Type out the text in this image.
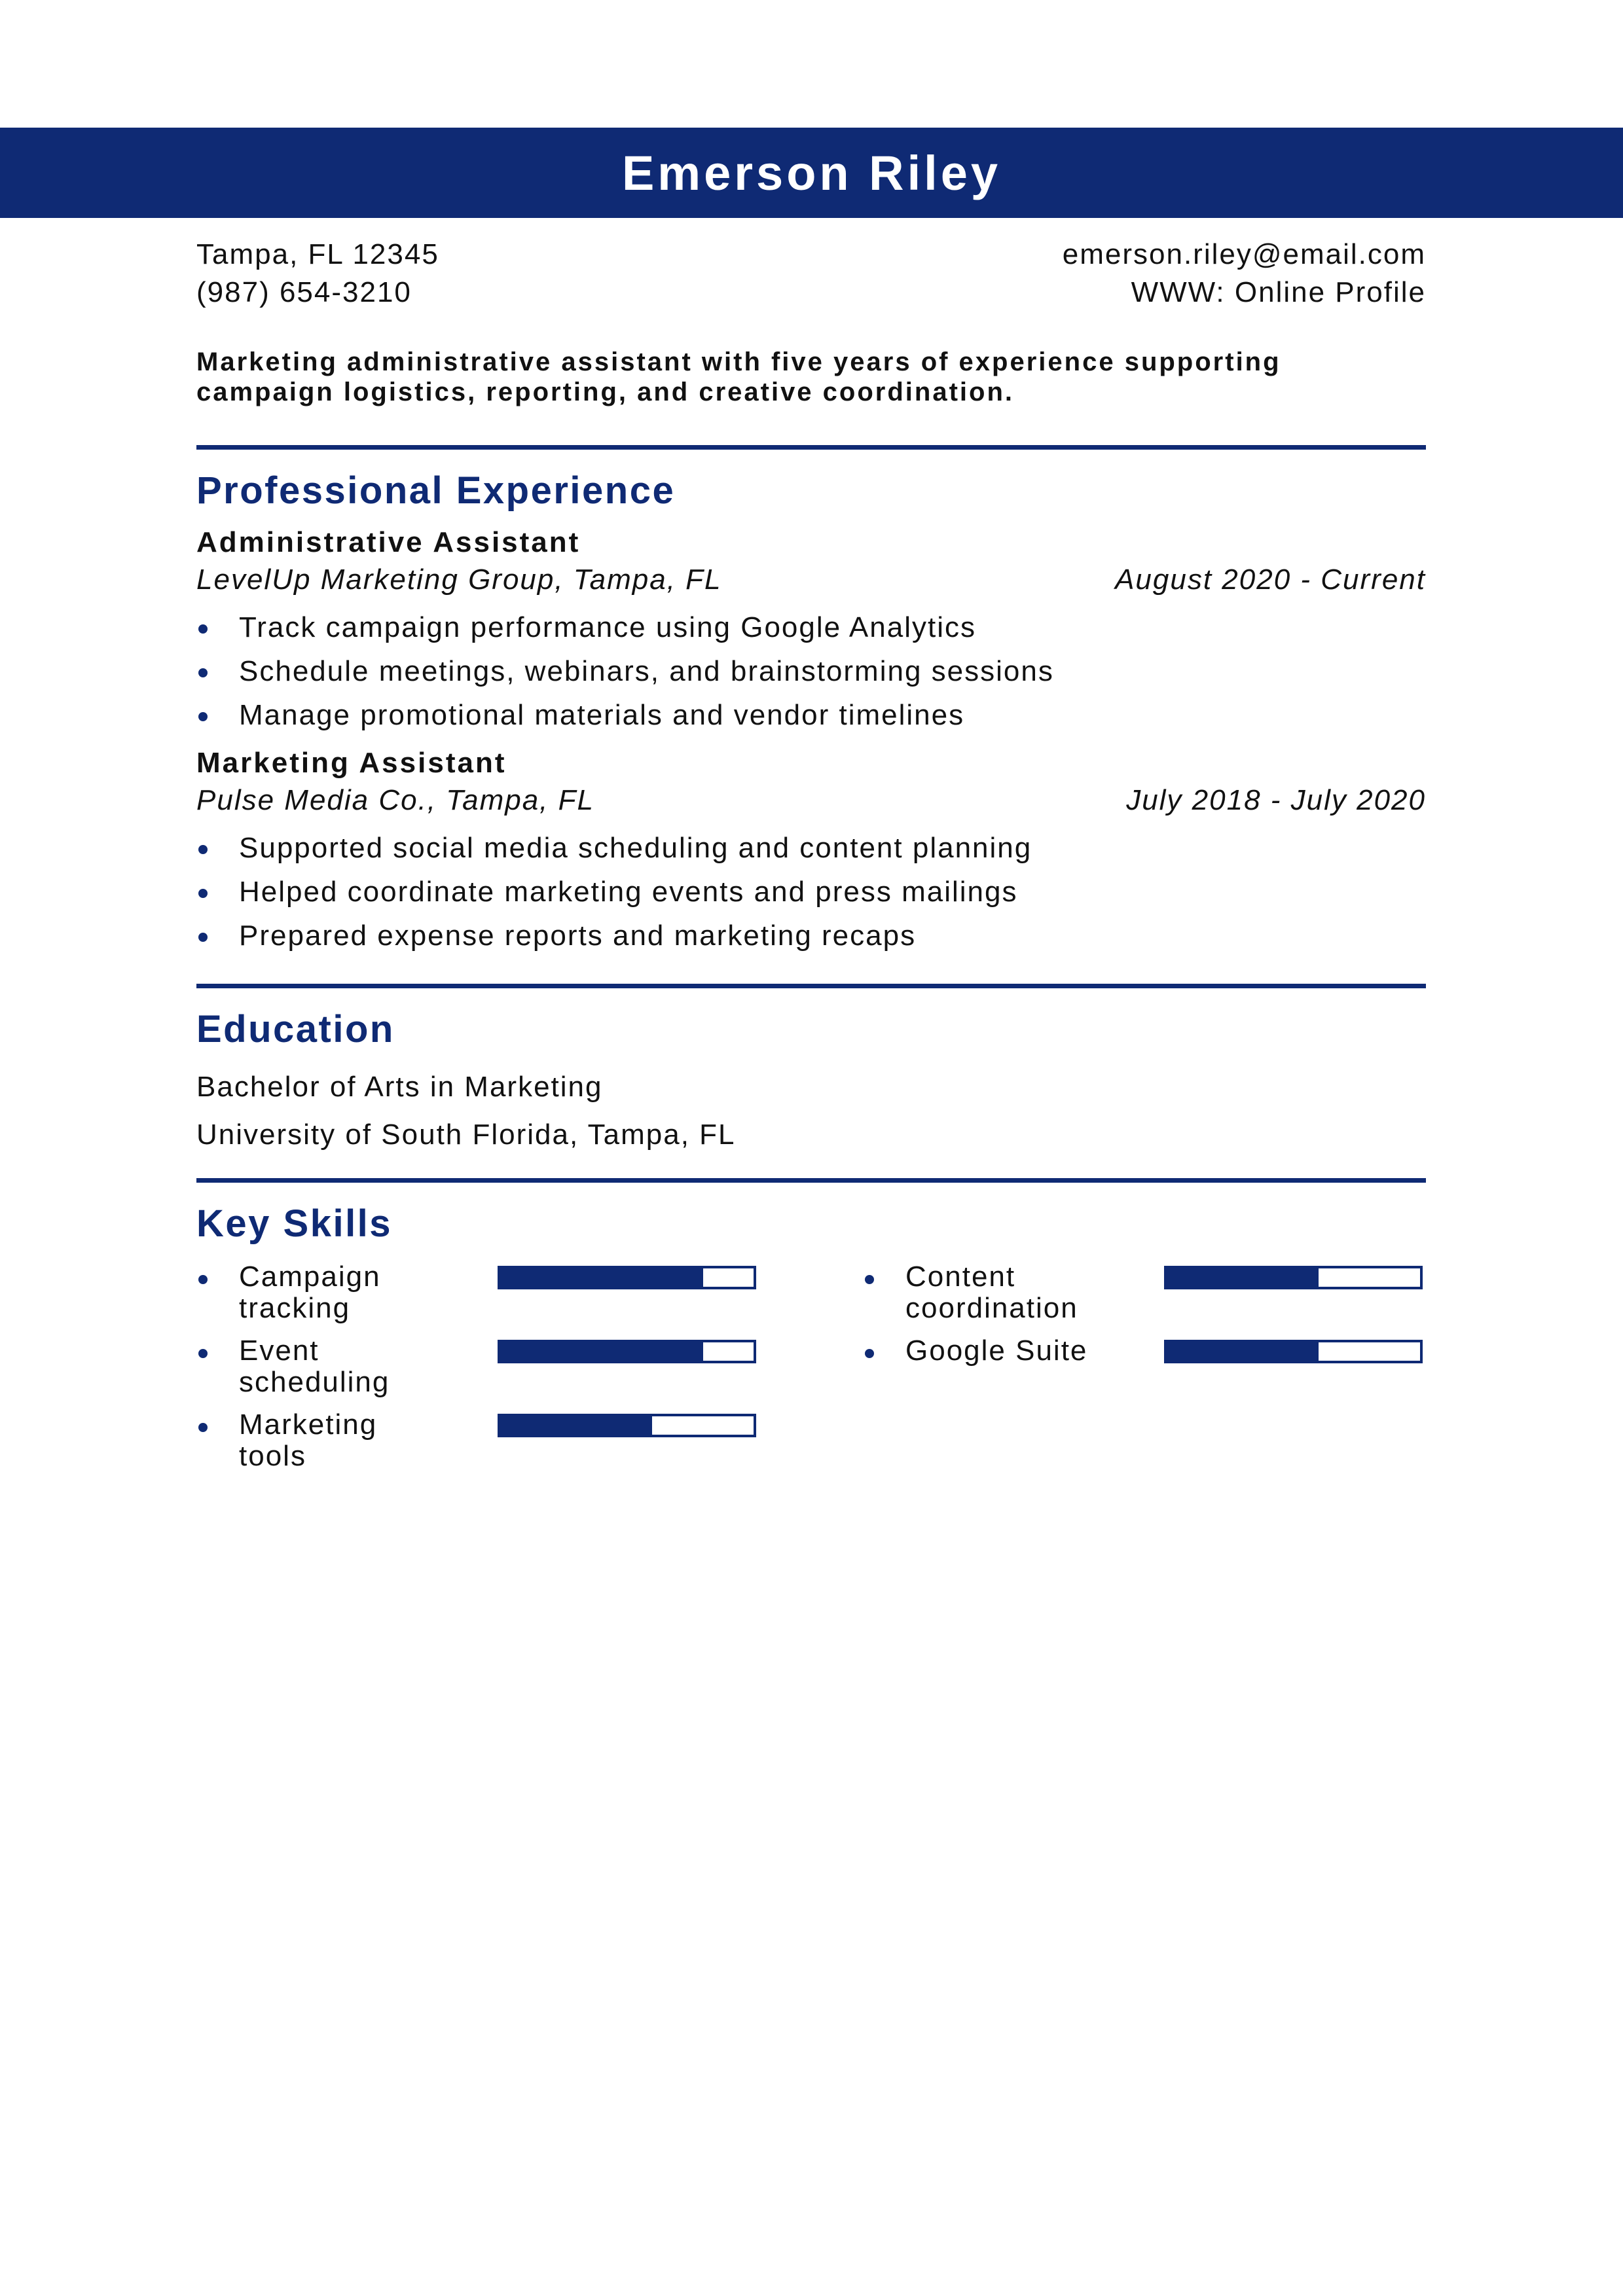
Emerson Riley
Tampa, FL 12345	emerson.riley@email.com
(987) 654-3210	WWW: Online Profile
Marketing administrative assistant with five years of experience supporting campaign logistics, reporting, and creative coordination.
Professional Experience
Administrative Assistant
LevelUp Marketing Group, Tampa, FL	August 2020 - Current
Track campaign performance using Google Analytics
Schedule meetings, webinars, and brainstorming sessions
Manage promotional materials and vendor timelines
Marketing Assistant
Pulse Media Co., Tampa, FL	July 2018 - July 2020
Supported social media scheduling and content planning
Helped coordinate marketing events and press mailings
Prepared expense reports and marketing recaps
Education
Bachelor of Arts in Marketing
University of South Florida, Tampa, FL
Key Skills
Campaign tracking
Content coordination
Event scheduling
Google Suite
Marketing tools
